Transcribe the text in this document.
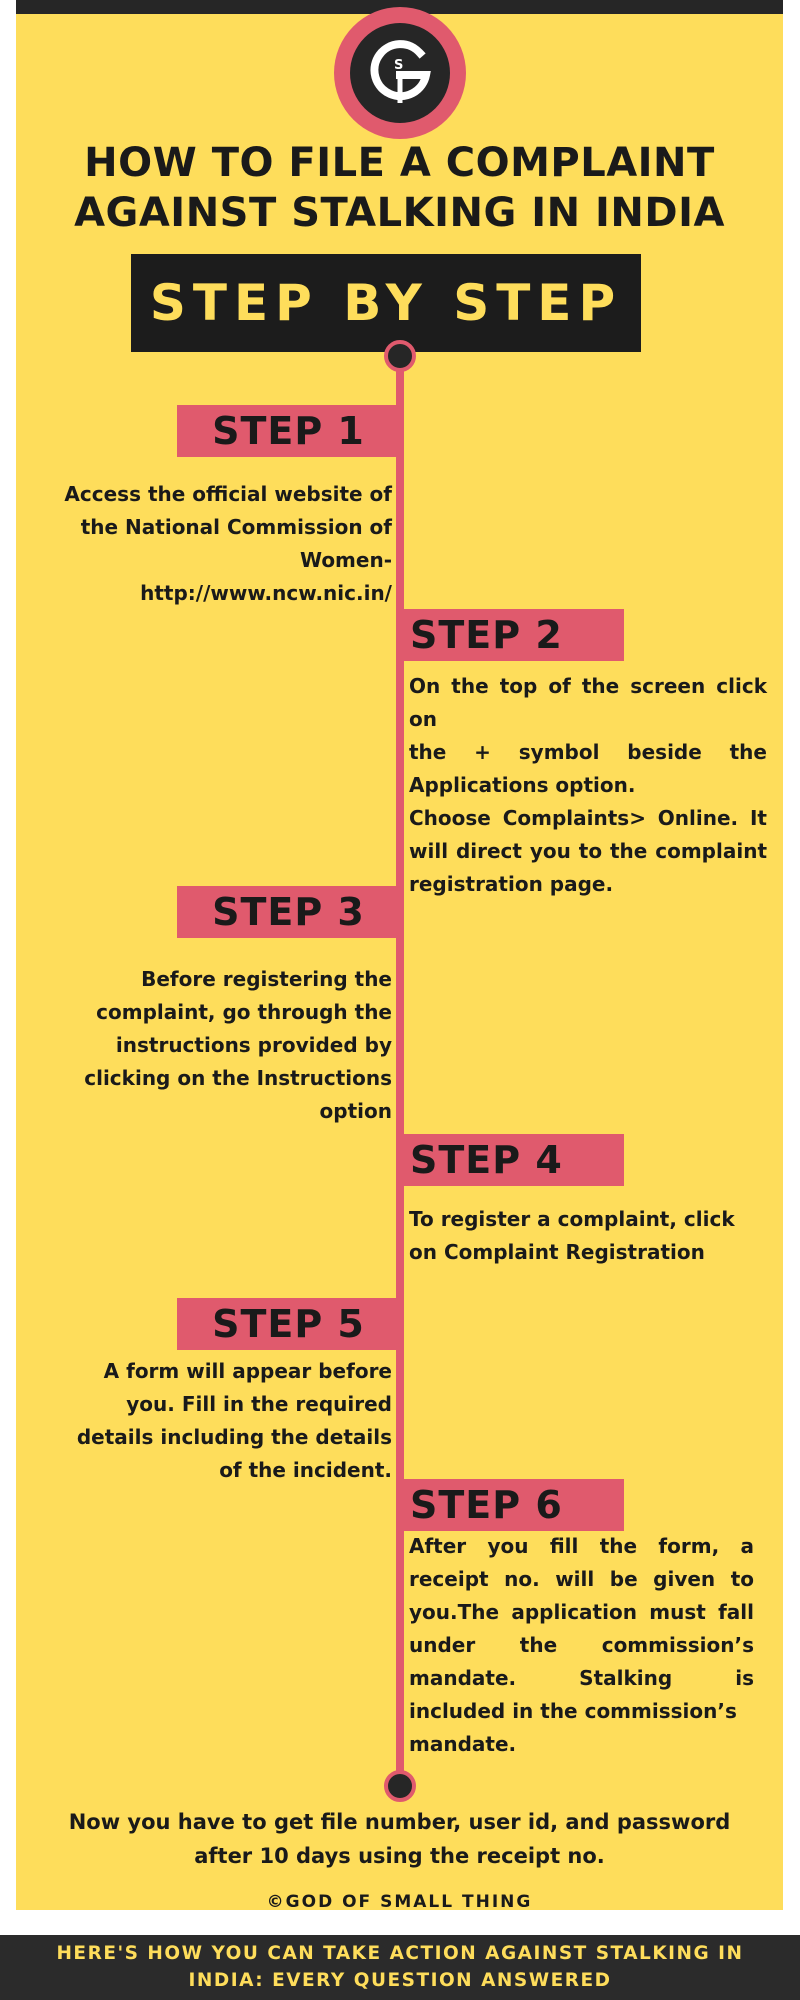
S
HOW TO FILE A COMPLAINT
AGAINST STALKING IN INDIA
STEP BY STEP
STEP 1
Access the official website of
the National Commission of
Women-
http://www.ncw.nic.in/
STEP 2
On the top of the screen click on
the + symbol beside the
Applications option.
Choose Complaints> Online. It
will direct you to the complaint
registration page.
STEP 3
Before registering the
complaint, go through the
instructions provided by
clicking on the Instructions
option
STEP 4
To register a complaint, click
on Complaint Registration
STEP 5
A form will appear before
you. Fill in the required
details including the details
of the incident.
STEP 6
After you fill the form, a
receipt no. will be given to
you.The application must fall
under the commission’s
mandate. Stalking is
included in the commission’s
mandate.
Now you have to get file number, user id, and password
after 10 days using the receipt no.
©GOD OF SMALL THING
HERE'S HOW YOU CAN TAKE ACTION AGAINST STALKING IN
INDIA: EVERY QUESTION ANSWERED
